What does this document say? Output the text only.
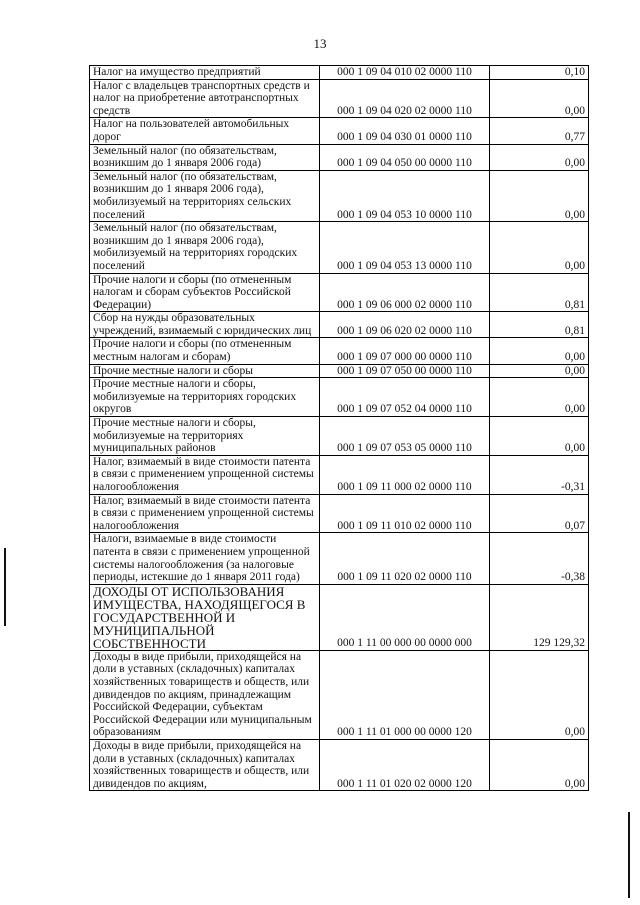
13
Налог на имущество предприятий	000 1 09 04 010 02 0000 110	0,10
Налог с владельцев транспортных средств и налог на приобретение автотранспортных средств	000 1 09 04 020 02 0000 110	0,00
Налог на пользователей автомобильных дорог	000 1 09 04 030 01 0000 110	0,77
Земельный налог (по обязательствам, возникшим до 1 января 2006 года)	000 1 09 04 050 00 0000 110	0,00
Земельный налог (по обязательствам, возникшим до 1 января 2006 года), мобилизуемый на территориях сельских поселений	000 1 09 04 053 10 0000 110	0,00
Земельный налог (по обязательствам, возникшим до 1 января 2006 года), мобилизуемый на территориях городских поселений	000 1 09 04 053 13 0000 110	0,00
Прочие налоги и сборы (по отмененным налогам и сборам субъектов Российской Федерации)	000 1 09 06 000 02 0000 110	0,81
Сбор на нужды образовательных учреждений, взимаемый с юридических лиц	000 1 09 06 020 02 0000 110	0,81
Прочие налоги и сборы (по отмененным местным налогам и сборам)	000 1 09 07 000 00 0000 110	0,00
Прочие местные налоги и сборы	000 1 09 07 050 00 0000 110	0,00
Прочие местные налоги и сборы, мобилизуемые на территориях городских округов	000 1 09 07 052 04 0000 110	0,00
Прочие местные налоги и сборы, мобилизуемые на территориях муниципальных районов	000 1 09 07 053 05 0000 110	0,00
Налог, взимаемый в виде стоимости патента в связи с применением упрощенной системы налогообложения	000 1 09 11 000 02 0000 110	-0,31
Налог, взимаемый в виде стоимости патента в связи с применением упрощенной системы налогообложения	000 1 09 11 010 02 0000 110	0,07
Налоги, взимаемые в виде стоимости патента в связи с применением упрощенной системы налогообложения (за налоговые периоды, истекшие до 1 января 2011 года)	000 1 09 11 020 02 0000 110	-0,38
ДОХОДЫ ОТ ИСПОЛЬЗОВАНИЯ ИМУЩЕСТВА, НАХОДЯЩЕГОСЯ В ГОСУДАРСТВЕННОЙ И МУНИЦИПАЛЬНОЙ СОБСТВЕННОСТИ	000 1 11 00 000 00 0000 000	129 129,32
Доходы в виде прибыли, приходящейся на доли в уставных (складочных) капиталах хозяйственных товариществ и обществ, или дивидендов по акциям, принадлежащим Российской Федерации, субъектам Российской Федерации или муниципальным образованиям	000 1 11 01 000 00 0000 120	0,00
Доходы в виде прибыли, приходящейся на доли в уставных (складочных) капиталах хозяйственных товариществ и обществ, или дивидендов по акциям,	000 1 11 01 020 02 0000 120	0,00
